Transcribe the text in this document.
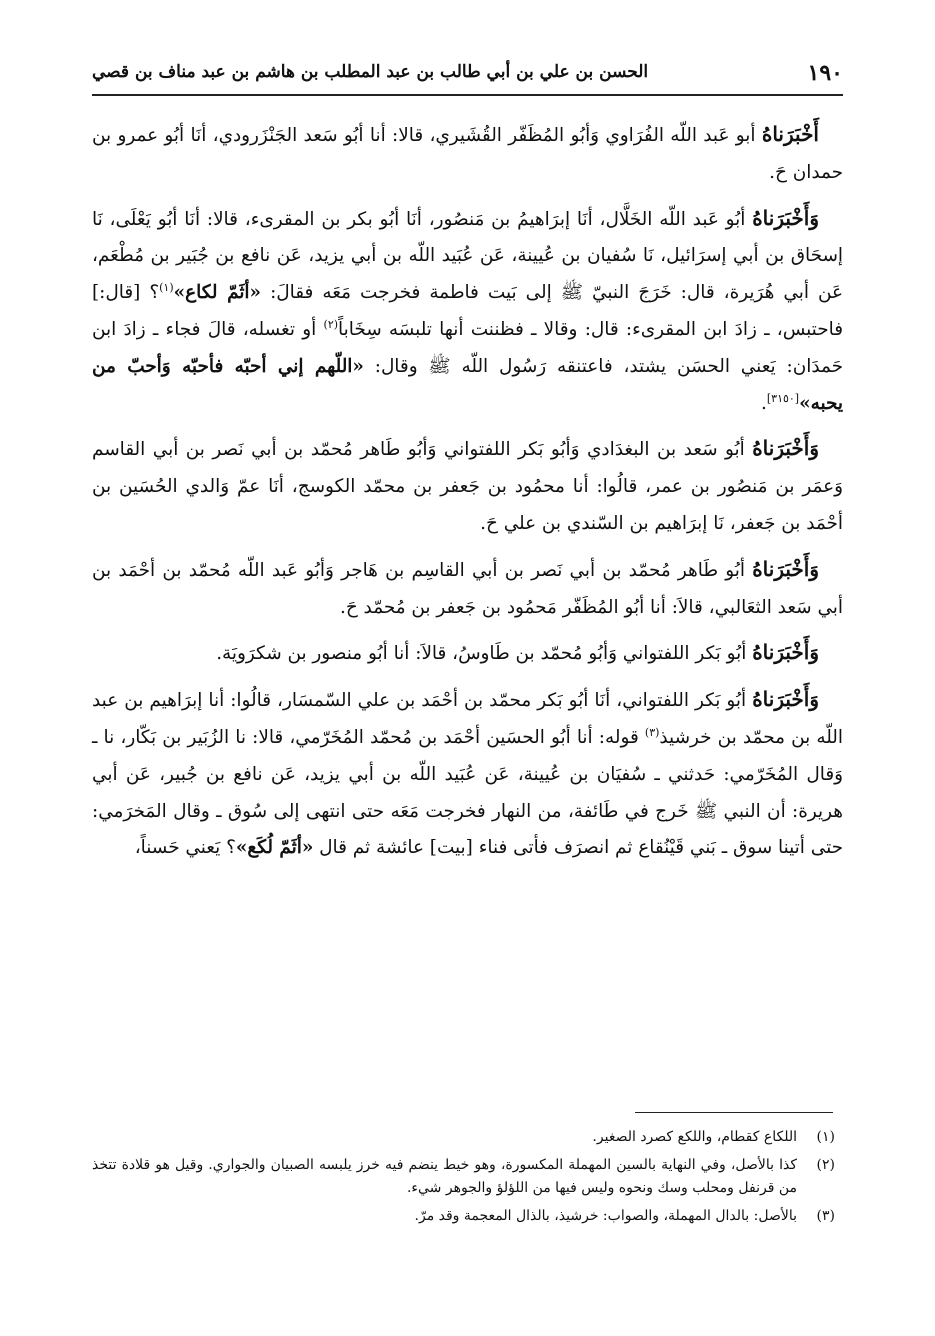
١٩٠
الحسن بن علي بن أبي طالب بن عبد المطلب بن هاشم بن عبد مناف بن قصي

أَخْبَرَناهُ أبو عَبد اللّه الفُرَاوي وَأبُو المُظَفّر القُشَيري، قالا: أنا أبُو سَعد الجَنْزَرودي، أنَا أبُو عمرو بن حمدان حَ.

وَأَخْبَرَناهُ أبُو عَبد اللّه الخَلَّال، أنَا إبرَاهيمُ بن مَنصُور، أنَا أبُو بكر بن المقرىء، قالا: أنَا أبُو يَعْلَى، نَا إسحَاق بن أبي إسرَائيل، نَا سُفيان بن عُيينة، عَن عُبَيد اللّه بن أبي يزيد، عَن نافع بن جُبَير بن مُطْعَم، عَن أبي هُرَيرة، قال: خَرَجَ النبيّ ﷺ إلى بَيت فاطمة فخرجت مَعَه فقالَ: «أثَمّ لكاع»$^{(١)}$؟ [قال:] فاحتبس، ـ زادَ ابن المقرىء: قال: وقالا ـ فظننت أنها تلبسَه سِخَاباً$^{(٢)}$ أو تغسله، قالَ فجاء ـ زادَ ابن حَمدَان: يَعني الحسَن يشتد، فاعتنقه رَسُول اللّه ﷺ وقال: «اللّهم إني أحبّه فأحبّه وَأحبّ من يحبه»[٣١٥٠].

وَأَخْبَرَناهُ أبُو سَعد بن البغدَادي وَأبُو بَكر اللفتواني وَأبُو طَاهر مُحمّد بن أبي نَصر بن أبي القاسم وَعمَر بن مَنصُور بن عمر، قالُوا: أنا محمُود بن جَعفر بن محمّد الكوسج، أنَا عمّ وَالدي الحُسَين بن أحْمَد بن جَعفر، نَا إبرَاهيم بن السّندي بن علي حَ.

وَأَخْبَرَناهُ أبُو طَاهر مُحمّد بن أبي نَصر بن أبي القاسِم بن هَاجر وَأبُو عَبد اللّه مُحمّد بن أحْمَد بن أبي سَعد الثعَالبي، قالاَ: أنا أبُو المُظَفّر مَحمُود بن جَعفر بن مُحمّد حَ.

وَأَخْبَرَناهُ أبُو بَكر اللفتواني وَأبُو مُحمّد بن طَاوسُ، قالاَ: أنا أبُو منصور بن شكرَويَة.

وَأَخْبَرَناهُ أبُو بَكر اللفتواني، أنَا أبُو بَكر محمّد بن أحْمَد بن علي السّمسَار، قالُوا: أنا إبرَاهيم بن عبد اللّه بن محمّد بن خرشيذ$^{(٣)}$ قوله: أنا أبُو الحسَين أحْمَد بن مُحمّد المُخَرّمي، قالا: نا الزُبَير بن بَكّار، نا ـ وَقال المُخَرّمي: حَدثني ـ سُفيَان بن عُيينة، عَن عُبَيد اللّه بن أبي يزيد، عَن نافع بن جُبير، عَن أبي هريرة: أن النبي ﷺ خَرج في طَائفة، من النهار فخرجت مَعَه حتى انتهى إلى سُوق ـ وقال المَخرَمي: حتى أتينا سوق ـ بَني قَيْنُقاع ثم انصرَف فأتى فناء [بيت] عائشة ثم قال «أثَمّ لُكَع»؟ يَعني حَسناً،

(١)
اللكاع كقطام، واللكع كصرد الصغير.

(٢)
كذا بالأصل، وفي النهاية بالسين المهملة المكسورة، وهو خيط ينضم فيه خرز يلبسه الصبيان والجواري. وقيل هو قلادة تتخذ من قرنفل ومحلب وسك ونحوه وليس فيها من اللؤلؤ والجوهر شيء.

(٣)
بالأصل: بالدال المهملة، والصواب: خرشيذ، بالذال المعجمة وقد مرّ.
